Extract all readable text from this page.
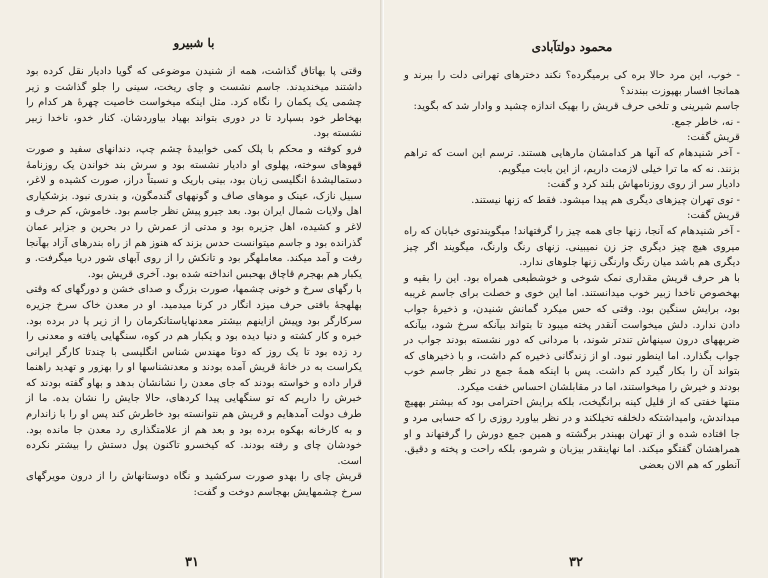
با شبیرو

وقتی پا بهاتاق گذاشت، همه از شنیدن موضوعی که گویا دادیار نقل کرده بود داشتند میخندیدند. جاسم نشست و چای ریخت، سینی را جلو گذاشت و زیر چشمی یک یکمان را نگاه کرد. مثل اینکه میخواست خاصیت چهرهٔ هر کدام را بهخاطر خود بسپارد تا در دوری بتواند بهیاد بیاوردشان. کنار خدو، ناخدا زبیر نشسته بود.

فرو کوفته و محکم با پلک کمی خوابیدهٔ چشم چپ، دندانهای سفید و صورت قهوهای سوخته، پهلوی او دادیار نشسته بود و سرش بند خواندن یک روزنامهٔ دستمالیشدهٔ انگلیسی زبان بود، بینی باریک و نسبتاً دراز، صورت کشیده و لاغر، سبیل نازک، عینک و موهای صاف و گونههای گندمگون، و بندری نبود. بزشکیاری اهل ولایات شمال ایران بود. بعد جیرو پیش نظر جاسم بود. خاموش، کم حرف و لاغر و کشیده، اهل جزیره بود و مدتی از عمرش را در بحرین و جزایر عمان گذرانده بود و جاسم میتوانست حدس بزند که هنوز هم از راه بندرهای آزاد بهآنجا رفت و آمد میکند. معاملهگر بود و تانکش را از روی آبهای شور دریا میگرفت. و یکبار هم بهجرم قاچاق بهحبس انداخته شده بود. آخری قریش بود.

با رگهای سرخ و خونی چشمها، صورت بزرگ و صدای خشن و دورگهای که وقتی بهلهجهٔ بافتی حرف میزد انگار در کرنا میدمید. او در معدن خاک سرخ جزیره سرکارگر بود وپیش ازاینهم بیشتر معدنهایاستانکرمان را از زیر پا در برده بود. خبره و کار کشته و دنیا دیده بود و یکبار هم در کوه، سنگهایی یافته و معدنی را رد زده بود تا یک روز که دوتا مهندس شناس انگلیسی با چندتا کارگر ایرانی یکراست به در خانهٔ قریش آمده بودند و معدنشناسها او را بهزور و تهدید راهنما قرار داده و خواسته بودند که جای معدن را نشانشان بدهد و بهاو گفته بودند که خبرش را داریم که تو سنگهایی پیدا کردهای، حالا جایش را نشان بده. ما از طرف دولت آمدهایم و قریش هم نتوانسته بود خاطرش کند پس او را با زاندارم و به کارخانه بهکوه برده بود و بعد هم از علامتگذاری رد معدن جا مانده بود. خودشان چای و رفته بودند. که کیخسرو تاکنون پول دستش را بیشتر نکرده است.

قریش چای را بهدو صورت سرکشید و نگاه دوستانهاش را از درون مویرگهای سرخ چشمهایش بهجاسم دوخت و گفت:

۳۱
محمود دولتآبادی

- خوب، این مرد حالا بره کی برمیگرده؟ نکند دخترهای تهرانی دلت را ببرند و همانجا افسار بهپوزت ببندند؟

جاسم شیرینی و تلخی حرف قریش را بهیک اندازه چشید و وادار شد که بگوید:

- نه، خاطر جمع.

قریش گفت:

- آخر شنیدهام که آنها هر کدامشان مارهایی هستند. ترسم این است که تراهم بزنند. نه که ما ترا خیلی لازمت داریم، از این بابت میگویم.

دادیار سر از روی روزنامهاش بلند کرد و گفت:

- توی تهران چیزهای دیگری هم پیدا میشود. فقط که زنها نیستند.

قریش گفت:

- آخر شنیدهام که آنجا، زنها جای همه چیز را گرفتهاند! میگویندتوی خیابان که راه میروی هیچ چیز دیگری جز زن نمیبینی. زنهای رنگ وارنگ، میگویند اگر چیز دیگری هم باشد میان رنگ وارنگی زنها جلوهای ندارد.

با هر حرف قریش مقداری نمک شوخی و خوشطبعی همراه بود. این را بقیه و بهخصوص ناخدا زبیر خوب میدانستند. اما این خوی و خصلت برای جاسم غریبه بود، برایش سنگین بود. وقتی که حس میکرد گمانش شنیدن، و ذخیرهٔ جواب دادن ندارد. دلش میخواست آنقدر پخته میبود تا بتواند بیآنکه سرخ شود، بیآنکه ضربههای درون سینهاش تندتر شوند، با مردانی که دور نشسته بودند جواب در جواب بگذارد. اما اینطور نبود. او از زندگانی ذخیره کم داشت، و با ذخیرهای که بتواند آن را بکار گیرد کم داشت. پس با اینکه همهٔ جمع در نظر جاسم خوب بودند و خیرش را میخواستند، اما در مقابلشان احساس خفت میکرد.

منتها خفتی که از قلیل کینه برانگیخت، بلکه برایش احترامی بود که بیشتر بههیچ میداندش، وامیداشتکه دلخلفه تخیلکند و در نظر بیاورد روزی را که حسابی مرد و جا افتاده شده و از تهران بهبندر برگشته و همین جمع دورش را گرفتهاند و او همراهشان گفتگو میکند. اما نهاینقدر بیزبان و شرمو، بلکه راحت و پخته و دقیق. آنطور که هم الان بعضی

۳۲
